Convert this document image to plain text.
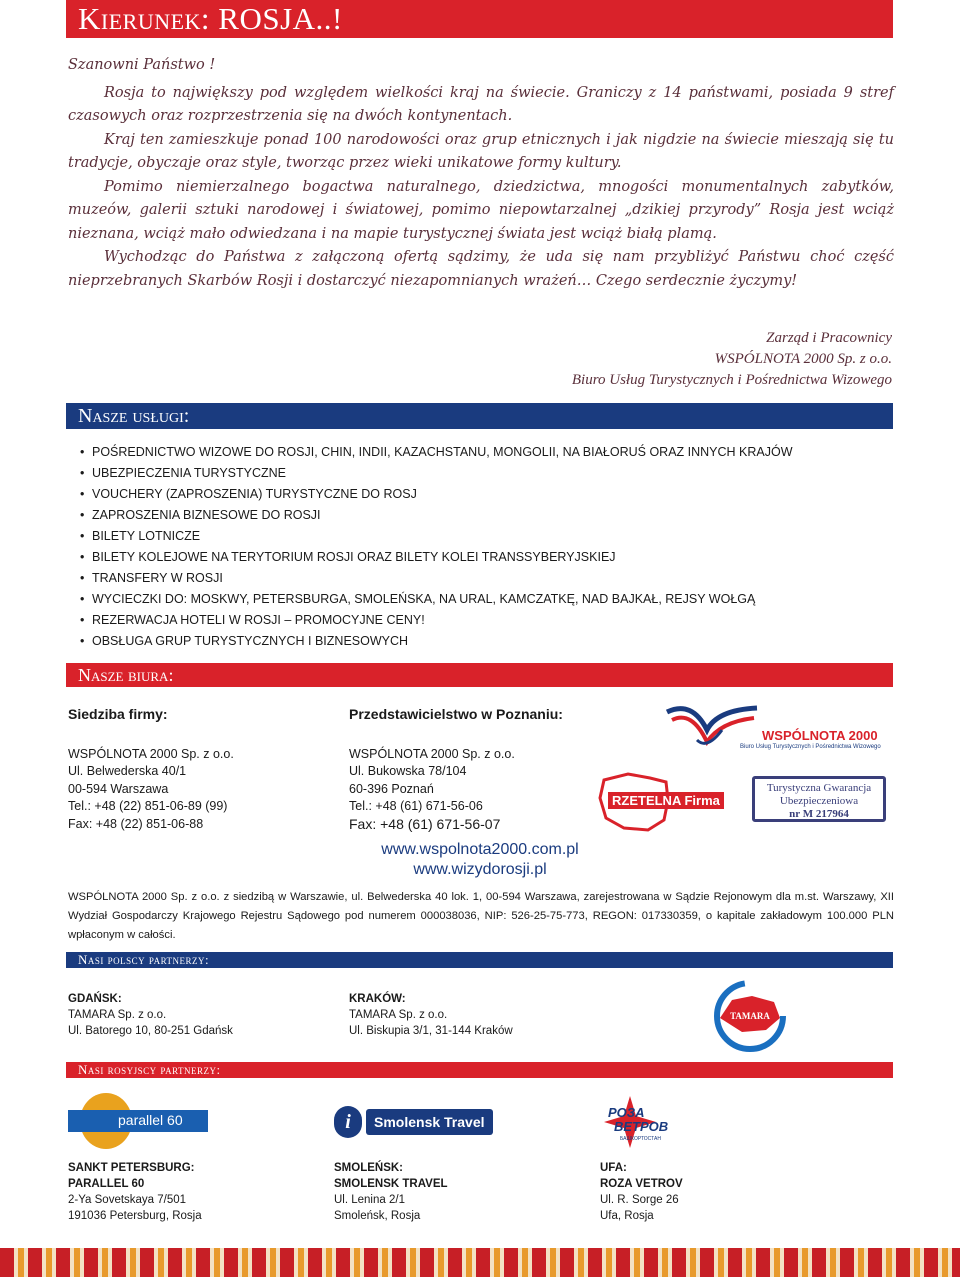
Kierunek: ROSJA..!

Szanowni Państwo !

Rosja to największy pod względem wielkości kraj na świecie. Graniczy z 14 państwami, posiada 9 stref czasowych oraz rozprzestrzenia się na dwóch kontynentach.

Kraj ten zamieszkuje ponad 100 narodowości oraz grup etnicznych i jak nigdzie na świecie mieszają się tu tradycje, obyczaje oraz style, tworząc przez wieki unikatowe formy kultury.

Pomimo niemierzalnego bogactwa naturalnego, dziedzictwa, mnogości monumentalnych zabytków, muzeów, galerii sztuki narodowej i światowej, pomimo niepowtarzalnej „dzikiej przyrody” Rosja jest wciąż nieznana, wciąż mało odwiedzana i na mapie turystycznej świata jest wciąż białą plamą.

Wychodząc do Państwa z załączoną ofertą sądzimy, że uda się nam przybliżyć Państwu choć część nieprzebranych Skarbów Rosji i dostarczyć niezapomnianych wrażeń… Czego serdecznie życzymy!

Zarząd i Pracownicy
WSPÓLNOTA 2000 Sp. z o.o.
Biuro Usług Turystycznych i Pośrednictwa Wizowego
Nasze usługi:
• POŚREDNICTWO WIZOWE DO ROSJI, CHIN, INDII, KAZACHSTANU, MONGOLII, NA BIAŁORUŚ ORAZ INNYCH KRAJÓW
• UBEZPIECZENIA TURYSTYCZNE
• VOUCHERY (ZAPROSZENIA) TURYSTYCZNE DO ROSJ
• ZAPROSZENIA BIZNESOWE DO ROSJI
• BILETY LOTNICZE
• BILETY KOLEJOWE NA TERYTORIUM ROSJI ORAZ BILETY KOLEI TRANSSYBERYJSKIEJ
• TRANSFERY W ROSJI
• WYCIECZKI DO: MOSKWY, PETERSBURGA, SMOLEŃSKA, NA URAL, KAMCZATKĘ, NAD BAJKAŁ, REJSY WOŁGĄ
• REZERWACJA HOTELI W ROSJI – PROMOCYJNE CENY!
• OBSŁUGA GRUP TURYSTYCZNYCH I BIZNESOWYCH
Nasze biura:
Siedziba firmy:
WSPÓLNOTA 2000 Sp. z o.o.
Ul. Belwederska 40/1
00-594 Warszawa
Tel.: +48 (22) 851-06-89 (99)
Fax: +48 (22) 851-06-88
Przedstawicielstwo w Poznaniu:
WSPÓLNOTA 2000 Sp. z o.o.
Ul. Bukowska 78/104
60-396 Poznań
Tel.: +48 (61) 671-56-06
Fax: +48 (61) 671-56-07
www.wspolnota2000.com.pl
www.wizydorosji.pl
WSPÓLNOTA 2000
Biuro Usług Turystycznych i Pośrednictwa Wizowego
RZETELNA Firma
Turystyczna Gwarancja
Ubezpieczeniowa
nr M 217964
WSPÓLNOTA 2000 Sp. z o.o. z siedzibą w Warszawie, ul. Belwederska 40 lok. 1, 00-594 Warszawa, zarejestrowana w Sądzie Rejonowym dla m.st. Warszawy, XII Wydział Gospodarczy Krajowego Rejestru Sądowego pod numerem 000038036, NIP: 526-25-75-773, REGON: 017330359, o kapitale zakładowym 100.000 PLN wpłaconym w całości.
Nasi polscy partnerzy:
GDAŃSK:
TAMARA Sp. z o.o.
Ul. Batorego 10, 80-251 Gdańsk
KRAKÓW:
TAMARA Sp. z o.o.
Ul. Biskupia 3/1, 31-144 Kraków
TAMARA
Nasi rosyjscy partnerzy:
parallel 60	i	Smolensk Travel
РОЗА
ВЕТРОВ
БАШКОРТОСТАН
SANKT PETERSBURG:
PARALLEL 60
2-Ya Sovetskaya 7/501
191036 Petersburg, Rosja
SMOLEŃSK:
SMOLENSK TRAVEL
Ul. Lenina 2/1
Smoleńsk, Rosja
UFA:
ROZA VETROV
Ul. R. Sorge 26
Ufa, Rosja
